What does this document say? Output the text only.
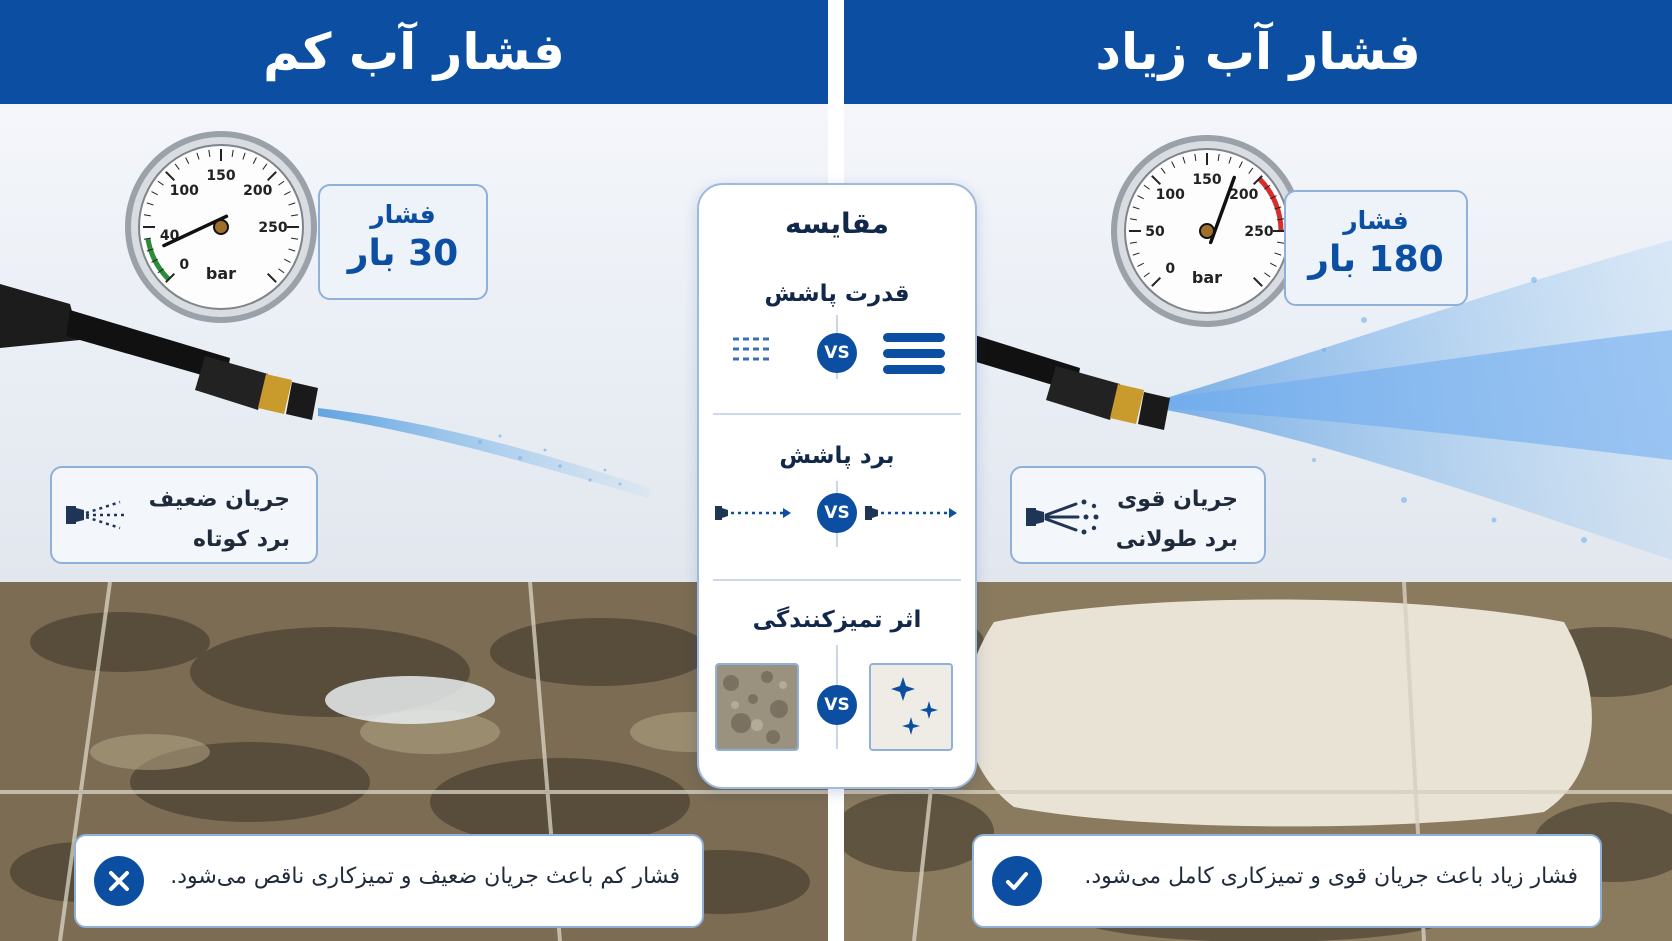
فشار آب کم
0
40
100
150
200
250
bar
فشار
30 بار
جریان ضعیف
برد کوتاه
فشار کم باعث جریان ضعیف و تمیزکاری ناقص می‌شود.
فشار آب زیاد
0
50
100
150
200
250
bar
فشار
180 بار
جریان قوی
برد طولانی
فشار زیاد باعث جریان قوی و تمیزکاری کامل می‌شود.
مقایسه
قدرت پاشش
VS
برد پاشش
VS
اثر تمیزکنندگی
VS
